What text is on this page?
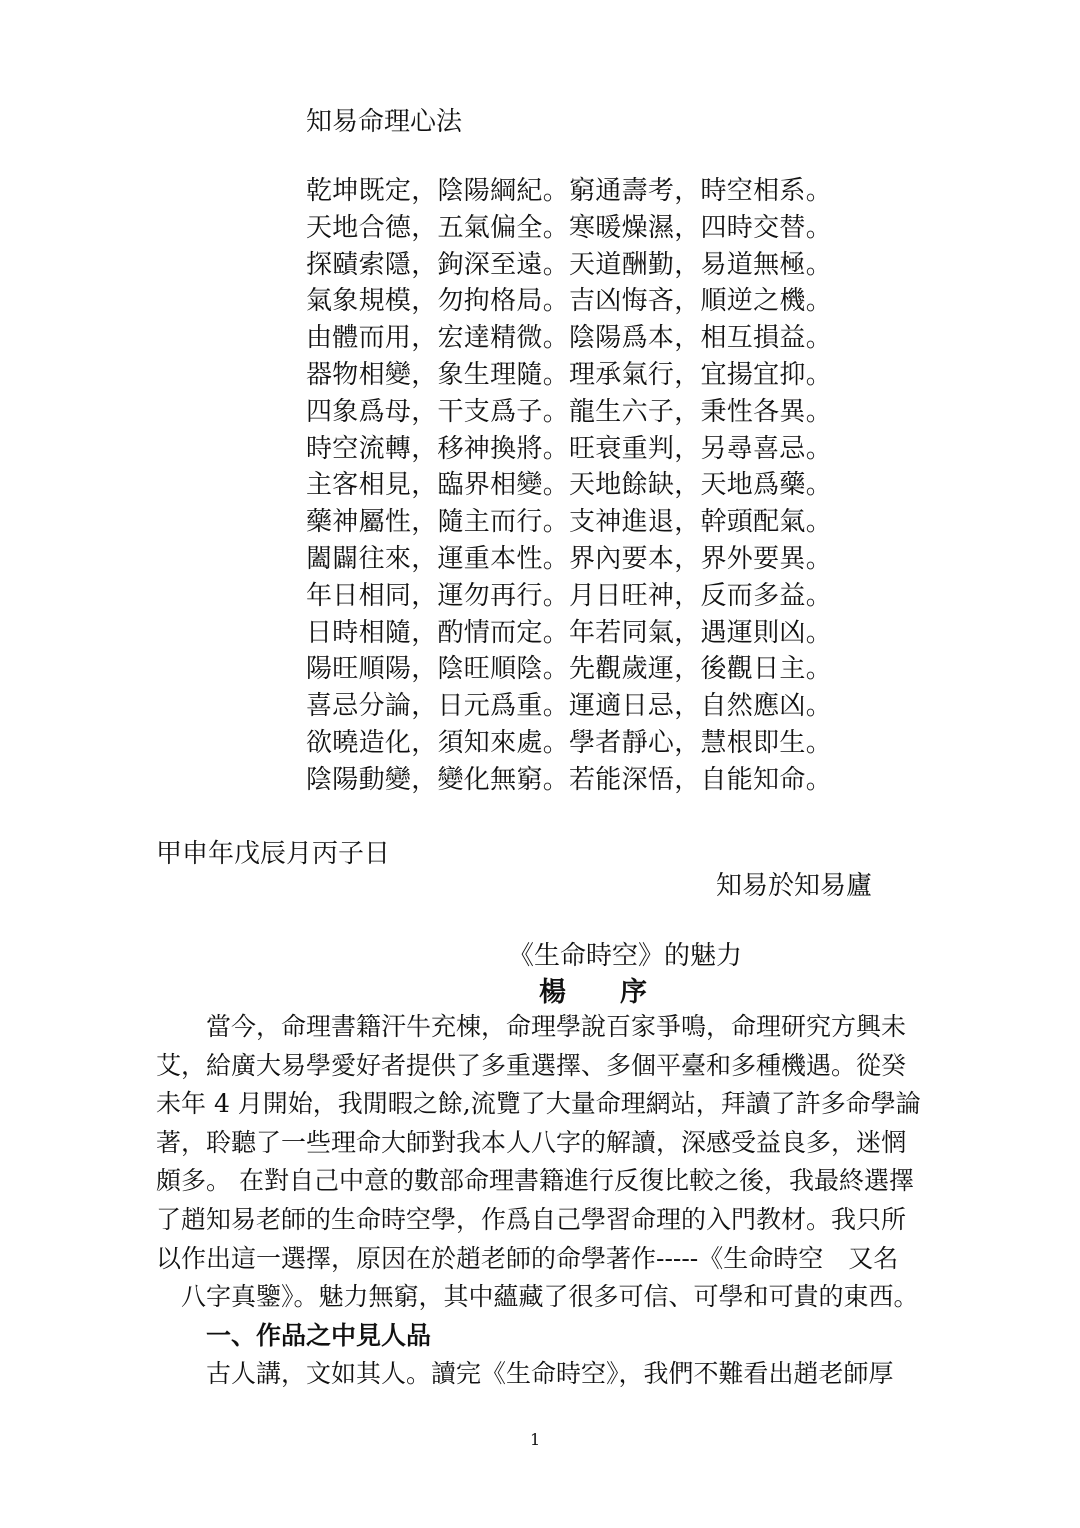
知易命理心法
乾坤既定，陰陽綱紀。窮通壽考，時空相系。
天地合德，五氣偏全。寒暖燥濕，四時交替。
探賾索隱，鉤深至遠。天道酬勤，易道無極。
氣象規模，勿拘格局。吉凶悔吝，順逆之機。
由體而用，宏達精微。陰陽爲本，相互損益。
器物相變，象生理隨。理承氣行，宜揚宜抑。
四象爲母，干支爲子。龍生六子，秉性各異。
時空流轉，移神換將。旺衰重判，另尋喜忌。
主客相見，臨界相變。天地餘缺，天地爲藥。
藥神屬性，隨主而行。支神進退，幹頭配氣。
闔闢往來，運重本性。界內要本，界外要異。
年日相同，運勿再行。月日旺神，反而多益。
日時相隨，酌情而定。年若同氣，遇運則凶。
陽旺順陽，陰旺順陰。先觀歲運，後觀日主。
喜忌分論，日元爲重。運適日忌，自然應凶。
欲曉造化，須知來處。學者靜心，慧根即生。
陰陽動變，變化無窮。若能深悟，自能知命。
甲申年戊辰月丙子日
知易於知易廬
《生命時空》的魅力
楊　　序
　　當今，命理書籍汗牛充棟，命理學說百家爭鳴，命理研究方興未
艾，給廣大易學愛好者提供了多重選擇、多個平臺和多種機遇。從癸
未年 4 月開始，我閒暇之餘,流覽了大量命理網站，拜讀了許多命學論
著，聆聽了一些理命大師對我本人八字的解讀，深感受益良多，迷惘
頗多。 在對自己中意的數部命理書籍進行反復比較之後，我最終選擇
了趙知易老師的生命時空學，作爲自己學習命理的入門教材。我只所
以作出這一選擇，原因在於趙老師的命學著作-----《生命時空　又名
　八字真鑒》。魅力無窮，其中蘊藏了很多可信、可學和可貴的東西。
　　一、作品之中見人品
　　古人講，文如其人。讀完《生命時空》，我們不難看出趙老師厚
1
